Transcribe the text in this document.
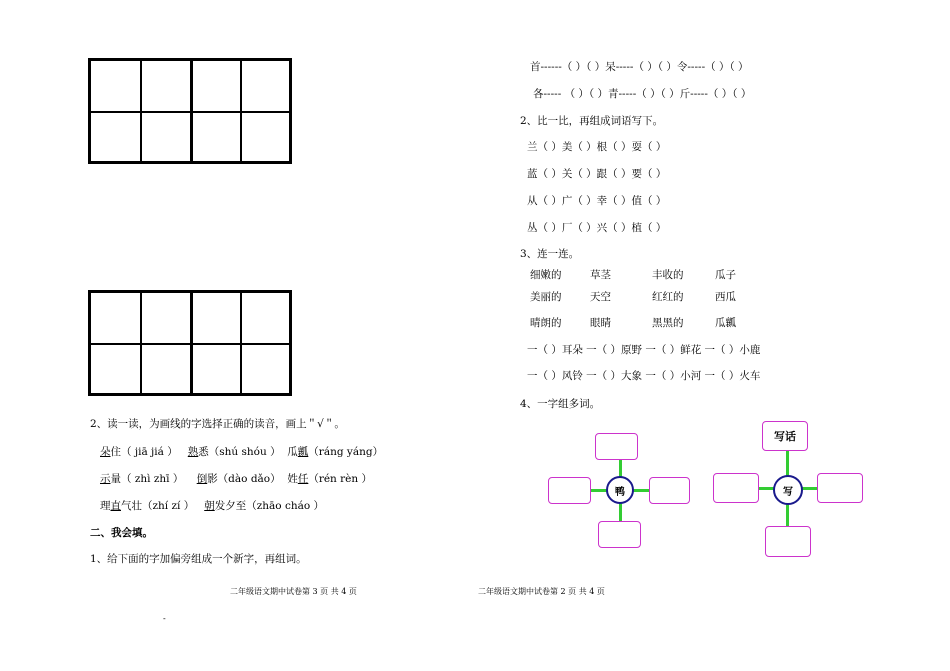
2、读一读，为画线的字选择正确的读音，画上＂√＂。
朵住（ jiā jiá ） 熟悉（shú shóu ） 瓜瓤（ráng yáng）
示量（ zhì zhī ） 倒影（dào dǎo） 姓任（rén rèn ）
理直气壮（zhí zí ） 朝发夕至（zhāo cháo ）
二、我会填。
1、给下面的字加偏旁组成一个新字，再组词。
二年级语文期中试卷第 3 页 共 4 页
-
首------（ ）（ ）呆-----（ ）（ ）令-----（ ）（ ）
各----- （ ）（ ）青-----（ ）（ ）斤-----（ ）（ ）
2、比一比，再组成词语写下。
兰（ ）美（ ）根（ ）耍（ ）
蓝（ ）关（ ）跟（ ）要（ ）
从（ ）广（ ）幸（ ）值（ ）
丛（ ）厂（ ）兴（ ）植（ ）
3、连一连。
细嫩的
美丽的
晴朗的
草茎
天空
眼睛
丰收的
红红的
黑黑的
瓜子
西瓜
瓜瓤
一（ ）耳朵 一（ ）原野 一（ ）鲜花 一（ ）小鹿
一（ ）风铃 一（ ）大象 一（ ）小河 一（ ）火车
4、一字组多词。
鸭
写话
写
二年级语文期中试卷第 2 页 共 4 页
